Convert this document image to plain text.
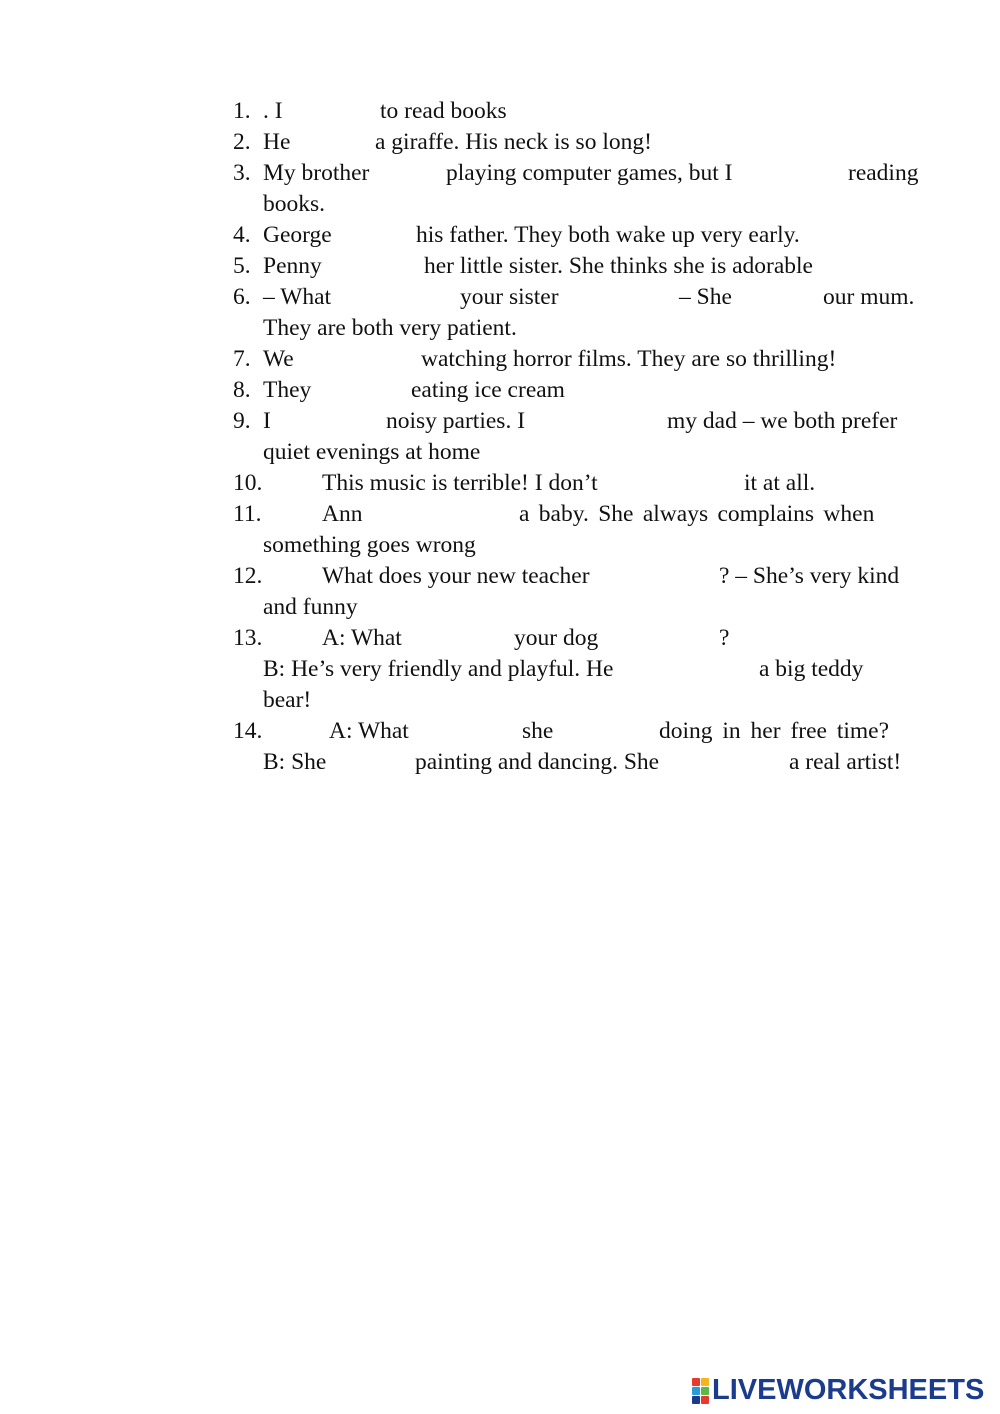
1. . I	to read books
2. He	a giraffe. His neck is so long!
3. My brother	playing computer games, but I	reading
books.
4. George	his father. They both wake up very early.
5. Penny	her little sister. She thinks she is adorable
6. – What	your sister	– She	our mum.
They are both very patient.
7. We	watching horror films. They are so thrilling!
8. They	eating ice cream
9. I	noisy parties. I	my dad – we both prefer
quiet evenings at home
10.	This music is terrible! I don’t	it at all.
11.	Ann	a baby. She always complains when
something goes wrong
12.	What does your new teacher	? – She’s very kind
and funny
13.	A: What	your dog	?
B: He’s very friendly and playful. He	a big teddy
bear!
14.	A: What	she	doing in her free time?
B: She	painting and dancing. She	a real artist!
LIVEWORKSHEETS
